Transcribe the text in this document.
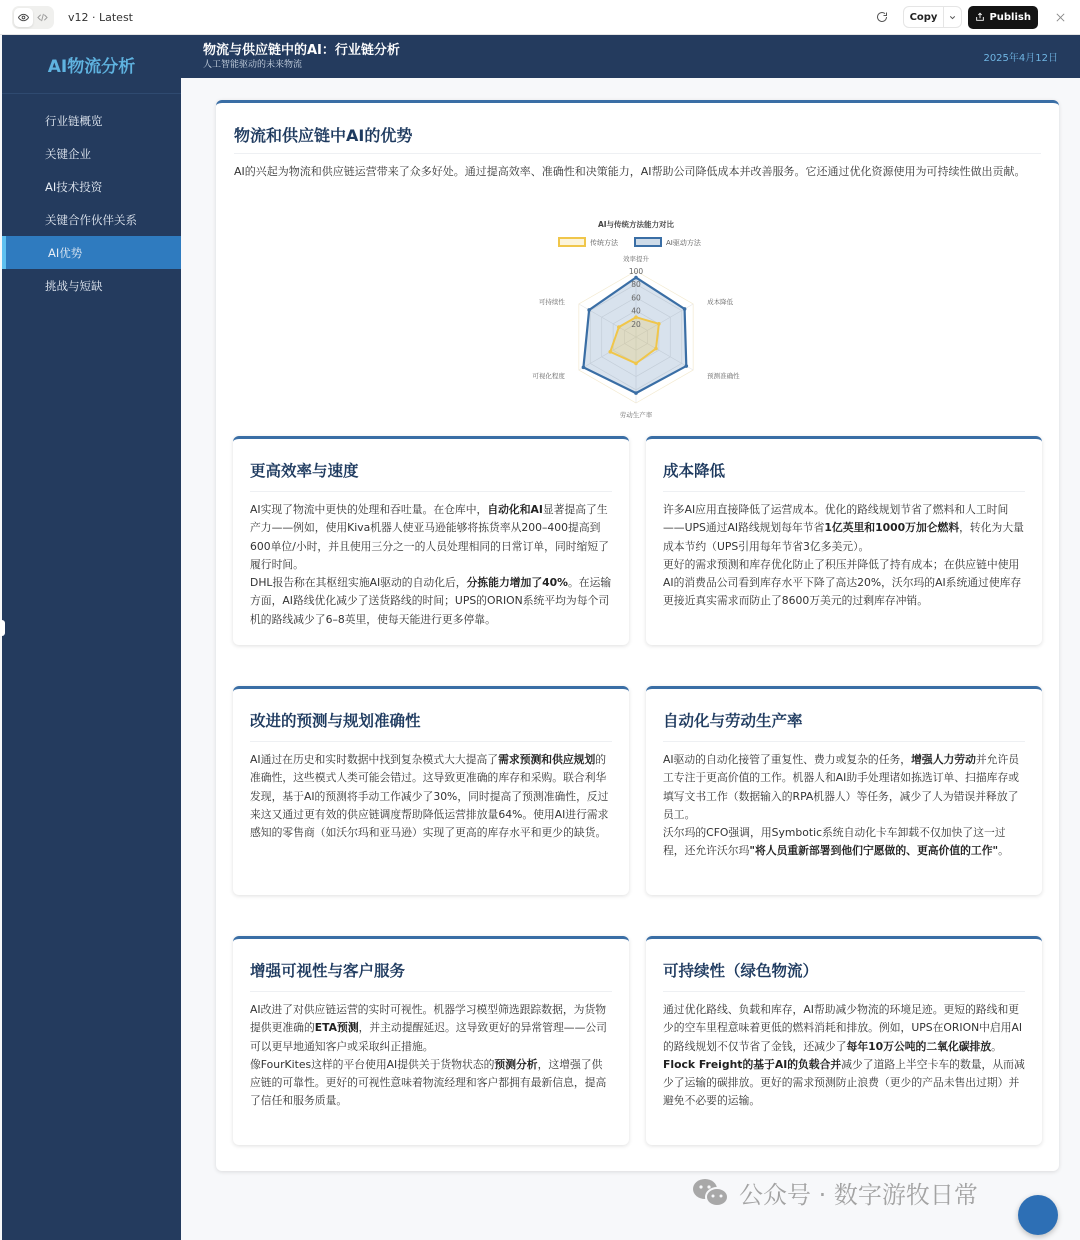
v12 · Latest	Copy	Publish
AI物流分析
行业链概览
关键企业
AI技术投资
关键合作伙伴关系
AI优势
挑战与短缺
物流与供应链中的AI：行业链分析
人工智能驱动的未来物流
2025年4月12日
物流和供应链中AI的优势
AI的兴起为物流和供应链运营带来了众多好处。通过提高效率、准确性和决策能力，AI帮助公司降低成本并改善服务。它还通过优化资源使用为可持续性做出贡献。
AI与传统方法能力对比
传统方法	AI驱动方法
20
40
60
80
100
效率提升
成本降低
预测准确性
劳动生产率
可视化程度
可持续性
更高效率与速度
AI实现了物流中更快的处理和吞吐量。在仓库中，自动化和AI显著提高了生产力——例如，使用Kiva机器人使亚马逊能够将拣货率从200–400提高到600单位/小时，并且使用三分之一的人员处理相同的日常订单，同时缩短了履行时间。
DHL报告称在其枢纽实施AI驱动的自动化后，分拣能力增加了40%。在运输方面，AI路线优化减少了送货路线的时间；UPS的ORION系统平均为每个司机的路线减少了6–8英里，使每天能进行更多停靠。
成本降低
许多AI应用直接降低了运营成本。优化的路线规划节省了燃料和人工时间——UPS通过AI路线规划每年节省1亿英里和1000万加仑燃料，转化为大量成本节约（UPS引用每年节省3亿多美元）。
更好的需求预测和库存优化防止了积压并降低了持有成本；在供应链中使用AI的消费品公司看到库存水平下降了高达20%，沃尔玛的AI系统通过使库存更接近真实需求而防止了8600万美元的过剩库存冲销。
改进的预测与规划准确性
AI通过在历史和实时数据中找到复杂模式大大提高了需求预测和供应规划的准确性，这些模式人类可能会错过。这导致更准确的库存和采购。联合利华发现，基于AI的预测将手动工作减少了30%，同时提高了预测准确性，反过来这又通过更有效的供应链调度帮助降低运营排放量64%。使用AI进行需求感知的零售商（如沃尔玛和亚马逊）实现了更高的库存水平和更少的缺货。
自动化与劳动生产率
AI驱动的自动化接管了重复性、费力或复杂的任务，增强人力劳动并允许员工专注于更高价值的工作。机器人和AI助手处理诸如拣选订单、扫描库存或填写文书工作（数据输入的RPA机器人）等任务，减少了人为错误并释放了员工。
沃尔玛的CFO强调，用Symbotic系统自动化卡车卸载不仅加快了这一过程，还允许沃尔玛"将人员重新部署到他们宁愿做的、更高价值的工作"。
增强可视性与客户服务
AI改进了对供应链运营的实时可视性。机器学习模型筛选跟踪数据，为货物提供更准确的ETA预测，并主动提醒延迟。这导致更好的异常管理——公司可以更早地通知客户或采取纠正措施。
像FourKites这样的平台使用AI提供关于货物状态的预测分析，这增强了供应链的可靠性。更好的可视性意味着物流经理和客户都拥有最新信息，提高了信任和服务质量。
可持续性（绿色物流）
通过优化路线、负载和库存，AI帮助减少物流的环境足迹。更短的路线和更少的空车里程意味着更低的燃料消耗和排放。例如，UPS在ORION中启用AI的路线规划不仅节省了金钱，还减少了每年10万公吨的二氧化碳排放。
Flock Freight的基于AI的负载合并减少了道路上半空卡车的数量，从而减少了运输的碳排放。更好的需求预测防止浪费（更少的产品未售出过期）并避免不必要的运输。
公众号 · 数字游牧日常
